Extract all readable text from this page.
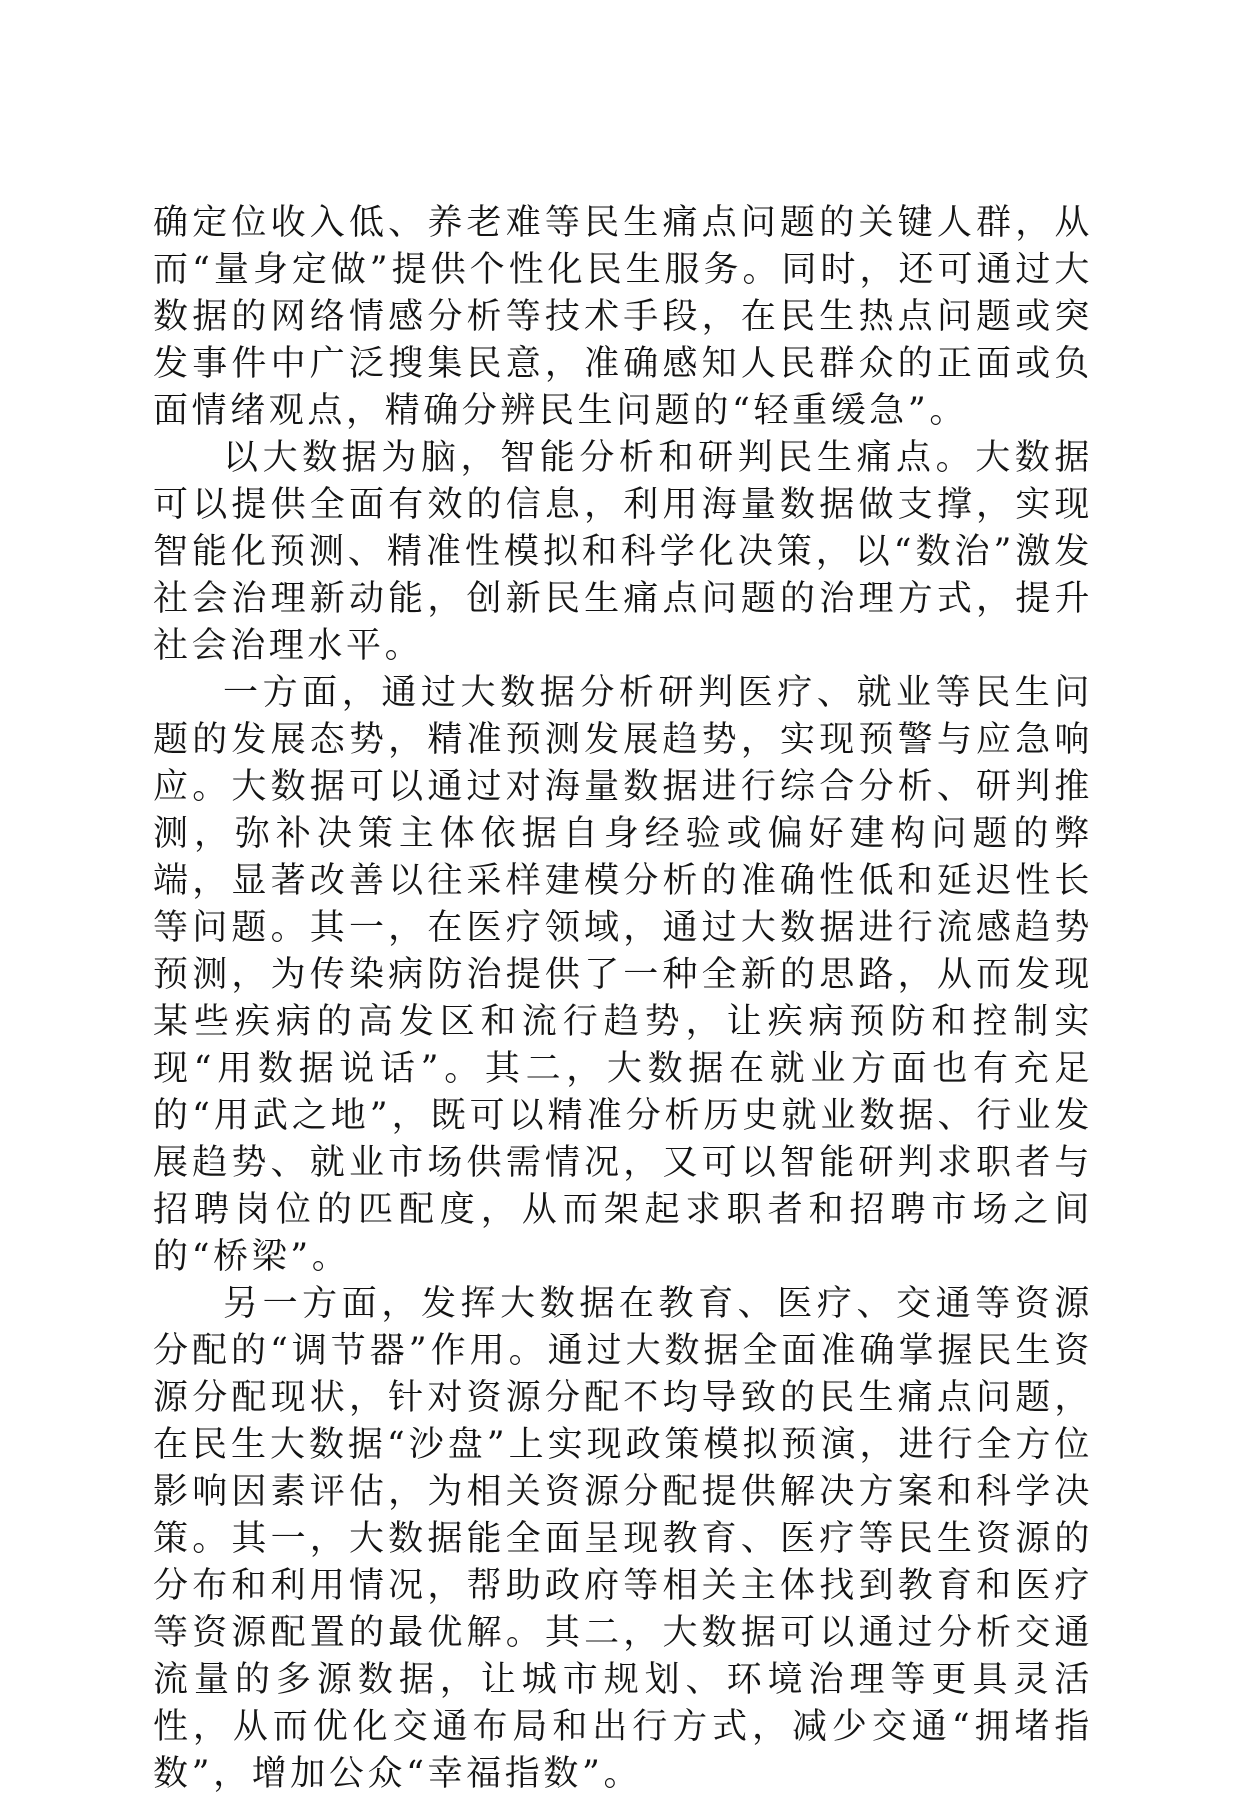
确定位收入低、养老难等民生痛点问题的关键人群，从而“量身定做”提供个性化民生服务。同时，还可通过大数据的网络情感分析等技术手段，在民生热点问题或突发事件中广泛搜集民意，准确感知人民群众的正面或负面情绪观点，精确分辨民生问题的“轻重缓急”。

以大数据为脑，智能分析和研判民生痛点。大数据可以提供全面有效的信息，利用海量数据做支撑，实现智能化预测、精准性模拟和科学化决策，以“数治”激发社会治理新动能，创新民生痛点问题的治理方式，提升社会治理水平。

一方面，通过大数据分析研判医疗、就业等民生问题的发展态势，精准预测发展趋势，实现预警与应急响应。大数据可以通过对海量数据进行综合分析、研判推测，弥补决策主体依据自身经验或偏好建构问题的弊端，显著改善以往采样建模分析的准确性低和延迟性长等问题。其一，在医疗领域，通过大数据进行流感趋势预测，为传染病防治提供了一种全新的思路，从而发现某些疾病的高发区和流行趋势，让疾病预防和控制实现“用数据说话”。其二，大数据在就业方面也有充足的“用武之地”，既可以精准分析历史就业数据、行业发展趋势、就业市场供需情况，又可以智能研判求职者与招聘岗位的匹配度，从而架起求职者和招聘市场之间的“桥梁”。

另一方面，发挥大数据在教育、医疗、交通等资源分配的“调节器”作用。通过大数据全面准确掌握民生资源分配现状，针对资源分配不均导致的民生痛点问题，在民生大数据“沙盘”上实现政策模拟预演，进行全方位影响因素评估，为相关资源分配提供解决方案和科学决策。其一，大数据能全面呈现教育、医疗等民生资源的分布和利用情况，帮助政府等相关主体找到教育和医疗等资源配置的最优解。其二，大数据可以通过分析交通流量的多源数据，让城市规划、环境治理等更具灵活性，从而优化交通布局和出行方式，减少交通“拥堵指数”，增加公众“幸福指数”。
